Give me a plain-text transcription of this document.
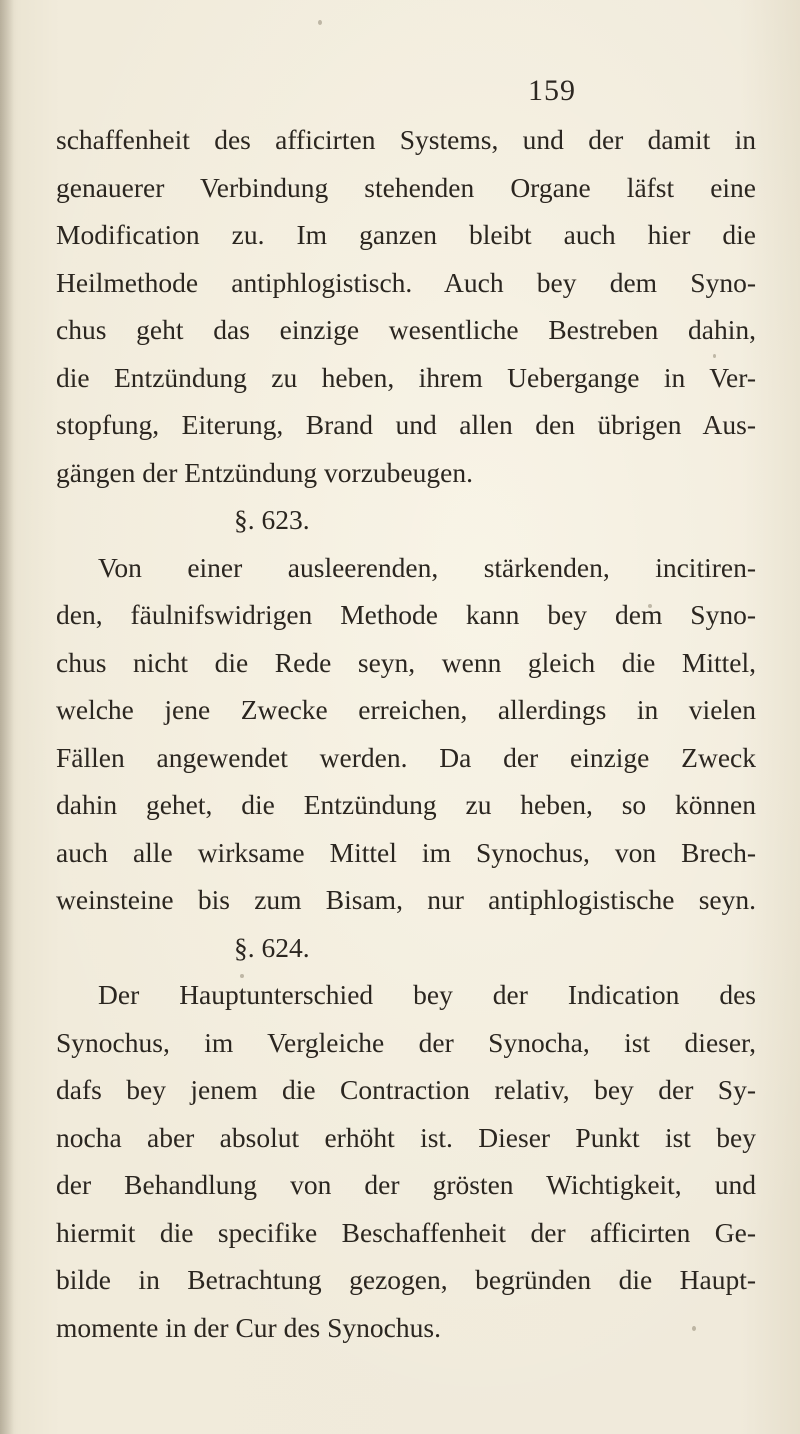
159
schaffenheit des afficirten Systems, und der damit in
genauerer Verbindung stehenden Organe läfst eine
Modification zu. Im ganzen bleibt auch hier die
Heilmethode antiphlogistisch. Auch bey dem Syno-
chus geht das einzige wesentliche Bestreben dahin,
die Entzündung zu heben, ihrem Uebergange in Ver-
stopfung, Eiterung, Brand und allen den übrigen Aus-
gängen der Entzündung vorzubeugen.
§. 623.
Von einer ausleerenden, stärkenden, incitiren-
den, fäulnifswidrigen Methode kann bey dem Syno-
chus nicht die Rede seyn, wenn gleich die Mittel,
welche jene Zwecke erreichen, allerdings in vielen
Fällen angewendet werden. Da der einzige Zweck
dahin gehet, die Entzündung zu heben, so können
auch alle wirksame Mittel im Synochus, von Brech-
weinsteine bis zum Bisam, nur antiphlogistische seyn.
§. 624.
Der Hauptunterschied bey der Indication des
Synochus, im Vergleiche der Synocha, ist dieser,
dafs bey jenem die Contraction relativ, bey der Sy-
nocha aber absolut erhöht ist. Dieser Punkt ist bey
der Behandlung von der grösten Wichtigkeit, und
hiermit die specifike Beschaffenheit der afficirten Ge-
bilde in Betrachtung gezogen, begründen die Haupt-
momente in der Cur des Synochus.
